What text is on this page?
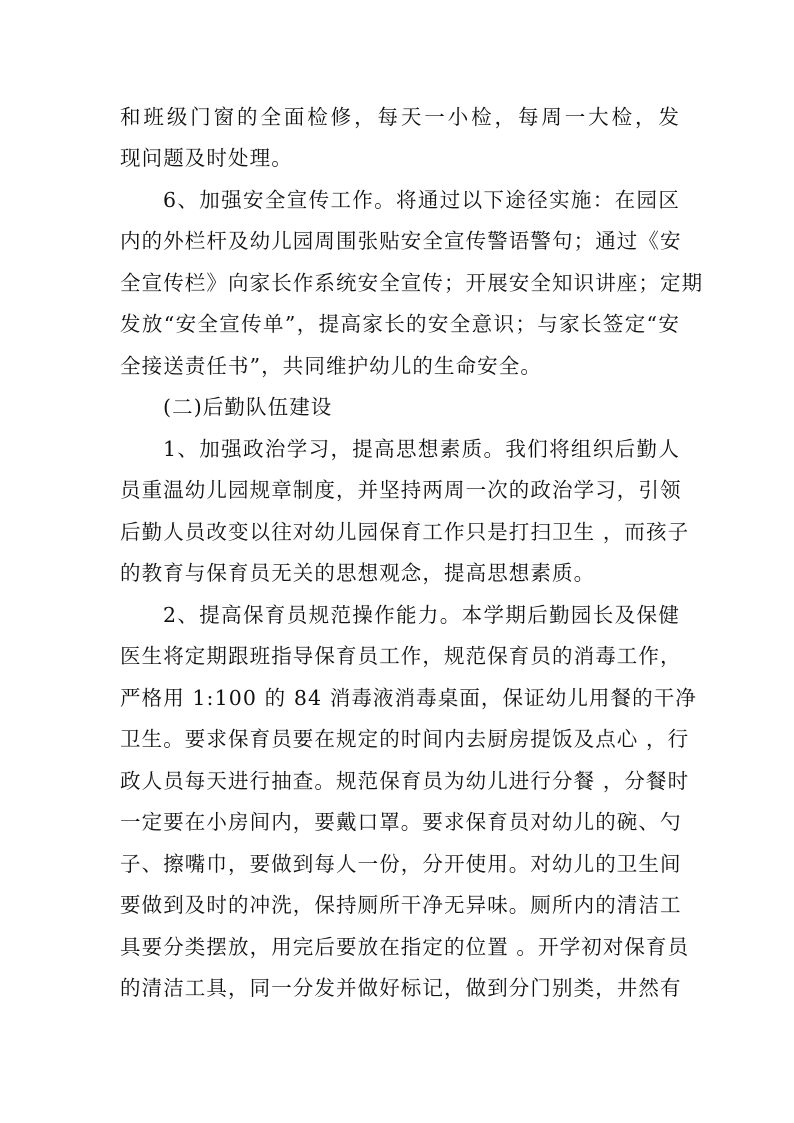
和班级门窗的全面检修，每天一小检，每周一大检，发
现问题及时处理。
6、加强安全宣传工作。将通过以下途径实施：在园区
内的外栏杆及幼儿园周围张贴安全宣传警语警句；通过《安
全宣传栏》向家长作系统安全宣传；开展安全知识讲座；定期
发放“安全宣传单”，提高家长的安全意识；与家长签定“安
全接送责任书”，共同维护幼儿的生命安全。
(二)后勤队伍建设
1、加强政治学习，提高思想素质。我们将组织后勤人
员重温幼儿园规章制度，并坚持两周一次的政治学习，引领
后勤人员改变以往对幼儿园保育工作只是打扫卫生 ，而孩子
的教育与保育员无关的思想观念，提高思想素质。
2、提高保育员规范操作能力。本学期后勤园长及保健
医生将定期跟班指导保育员工作，规范保育员的消毒工作，
严格用 1:100 的 84 消毒液消毒桌面，保证幼儿用餐的干净
卫生。要求保育员要在规定的时间内去厨房提饭及点心 ，行
政人员每天进行抽查。规范保育员为幼儿进行分餐 ，分餐时
一定要在小房间内，要戴口罩。要求保育员对幼儿的碗、勺
子、擦嘴巾，要做到每人一份，分开使用。对幼儿的卫生间
要做到及时的冲洗，保持厕所干净无异味。厕所内的清洁工
具要分类摆放，用完后要放在指定的位置 。开学初对保育员
的清洁工具，同一分发并做好标记，做到分门别类，井然有
